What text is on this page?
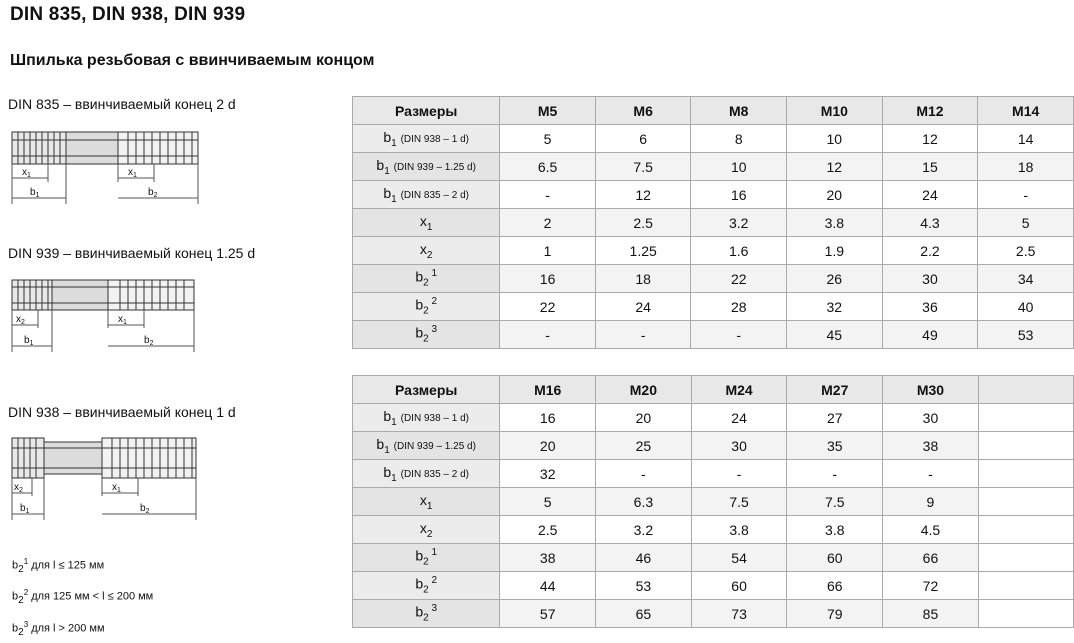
DIN 835, DIN 938, DIN 939
Шпилька резьбовая с ввинчиваемым концом
DIN 835 – ввинчиваемый конец 2 d
$x_1$	$x_1$
$b_1$	$b_2$
DIN 939 – ввинчиваемый конец 1.25 d
$x_2$	$x_1$
$b_1$	$b_2$
DIN 938 – ввинчиваемый конец 1 d
$x_2$	$x_1$
$b_1$	$b_2$
$b2^1$ для l ≤ 125 мм
$b2^2$ для 125 мм < l ≤ 200 мм
$b2^3$ для l > 200 мм
Размеры	M5	M6	M8	M10	M12	M14
$b_1$ (DIN 938 – 1 d)	5	6	8	10	12	14
$b_1$ (DIN 939 – 1.25 d)	6.5	7.5	10	12	15	18
$b_1$ (DIN 835 – 2 d)	-	12	16	20	24	-
$x_1$	2	2.5	3.2	3.8	4.3	5
$x_2$	1	1.25	1.6	1.9	2.2	2.5
$b_2$ $^1$	16	18	22	26	30	34
$b_2$ $^2$	22	24	28	32	36	40
$b_2$ $^3$	-	-	-	45	49	53
Размеры	M16	M20	M24	M27	M30	
$b_1$ (DIN 938 – 1 d)	16	20	24	27	30	
$b_1$ (DIN 939 – 1.25 d)	20	25	30	35	38	
$b_1$ (DIN 835 – 2 d)	32	-	-	-	-	
$x_1$	5	6.3	7.5	7.5	9	
$x_2$	2.5	3.2	3.8	3.8	4.5	
$b_2$ $^1$	38	46	54	60	66	
$b_2$ $^2$	44	53	60	66	72	
$b_2$ $^3$	57	65	73	79	85	
